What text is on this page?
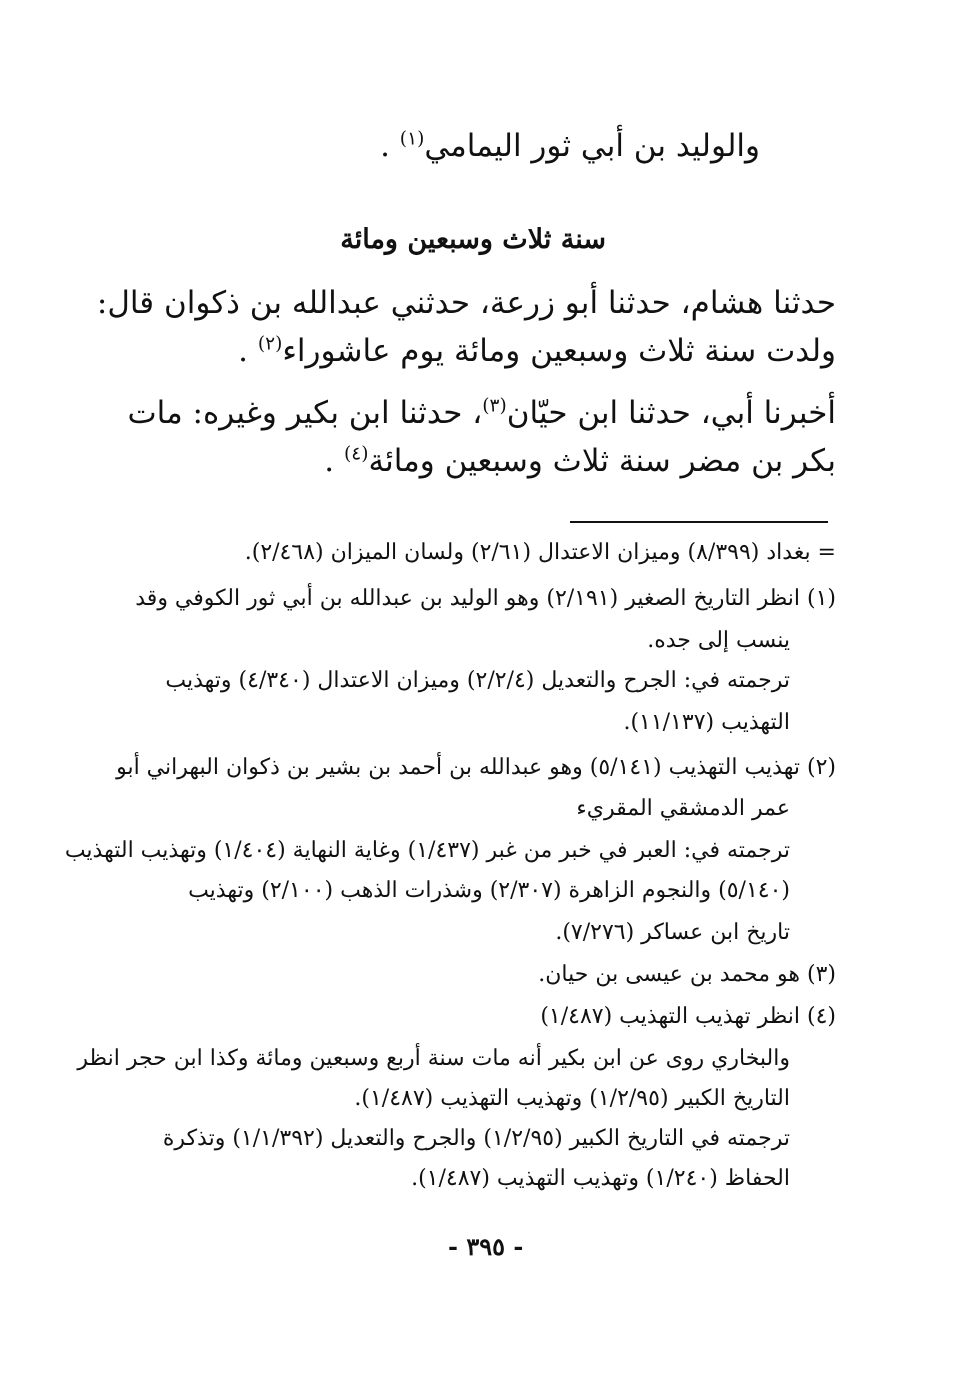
والوليد بن أبي ثور اليمامي$^{(١)}$ .
سنة ثلاث وسبعين ومائة
حدثنا هشام، حدثنا أبو زرعة، حدثني عبدالله بن ذكوان قال:
ولدت سنة ثلاث وسبعين ومائة يوم عاشوراء$^{(٢)}$ .
أخبرنا أبي، حدثنا ابن حيّان$^{(٣)}$، حدثنا ابن بكير وغيره: مات
بكر بن مضر سنة ثلاث وسبعين ومائة$^{(٤)}$ .
= بغداد (٨/٣٩٩) وميزان الاعتدال (٢/٦١) ولسان الميزان (٢/٤٦٨).
(١) انظر التاريخ الصغير (٢/١٩١) وهو الوليد بن عبدالله بن أبي ثور الكوفي وقد
ينسب إلى جده.
ترجمته في: الجرح والتعديل (٢/٢/٤) وميزان الاعتدال (٤/٣٤٠) وتهذيب
التهذيب (١١/١٣٧).
(٢) تهذيب التهذيب (٥/١٤١) وهو عبدالله بن أحمد بن بشير بن ذكوان البهراني أبو
عمر الدمشقي المقريء
ترجمته في: العبر في خبر من غبر (١/٤٣٧) وغاية النهاية (١/٤٠٤) وتهذيب التهذيب
(٥/١٤٠) والنجوم الزاهرة (٢/٣٠٧) وشذرات الذهب (٢/١٠٠) وتهذيب
تاريخ ابن عساكر (٧/٢٧٦).
(٣) هو محمد بن عيسى بن حيان.
(٤) انظر تهذيب التهذيب (١/٤٨٧)
والبخاري روى عن ابن بكير أنه مات سنة أربع وسبعين ومائة وكذا ابن حجر انظر
التاريخ الكبير (١/٢/٩٥) وتهذيب التهذيب (١/٤٨٧).
ترجمته في التاريخ الكبير (١/٢/٩٥) والجرح والتعديل (١/١/٣٩٢) وتذكرة
الحفاظ (١/٢٤٠) وتهذيب التهذيب (١/٤٨٧).
- ٣٩٥ -
